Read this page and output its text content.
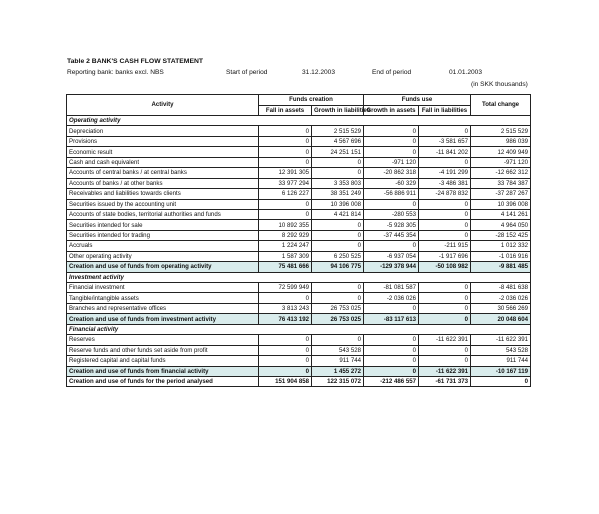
Table 2 BANK'S CASH FLOW STATEMENT
Reporting bank: banks excl. NBS	Start of period	31.12.2003	End of period	01.01.2003
(in SKK thousands)
Activity	Funds creation		Funds use		Total change
	Fall in assets	Growth in liabilities	Growth in assets	Fall in liabilities	
Operating activity					
Depreciation	0	2 515 529	0	0	2 515 529
Provisions	0	4 567 696	0	-3 581 657	986 039
Economic result	0	24 251 151	0	-11 841 202	12 409 949
Cash and cash equivalent	0	0	-971 120	0	-971 120
Accounts of central banks / at central banks	12 391 305	0	-20 862 318	-4 191 299	-12 662 312
Accounts of banks / at other banks	33 977 294	3 353 803	-60 329	-3 486 381	33 784 387
Receivables and liabilities towards clients	6 126 227	38 351 249	-56 886 911	-24 878 832	-37 287 267
Securities issued by the accounting unit	0	10 396 008	0	0	10 396 008
Accounts of state bodies, territorial authorities and funds	0	4 421 814	-280 553	0	4 141 261
Securities intended for sale	10 892 355	0	-5 928 305	0	4 964 050
Securities intended for trading	8 292 929	0	-37 445 354	0	-28 152 425
Accruals	1 224 247	0	0	-211 915	1 012 332
Other operating activity	1 587 309	6 250 525	-6 937 054	-1 917 696	-1 016 916
Creation and use of funds from operating activity	75 481 666	94 106 775	-129 378 944	-50 108 982	-9 881 485
Investment activity					
Financial investment	72 599 949	0	-81 081 587	0	-8 481 638
Tangible/intangible assets	0	0	-2 036 026	0	-2 036 026
Branches and representative offices	3 813 243	26 753 025	0	0	30 566 269
Creation and use of funds from investment activity	76 413 192	26 753 025	-83 117 613	0	20 048 604
Financial activity					
Reserves	0	0	0	-11 622 391	-11 622 391
Reserve funds and other funds set aside from profit	0	543 528	0	0	543 528
Registered capital and capital funds	0	911 744	0	0	911 744
Creation and use of funds from financial activity	0	1 455 272	0	-11 622 391	-10 167 119
Creation and use of funds for the period analysed	151 904 858	122 315 072	-212 486 557	-61 731 373	0
